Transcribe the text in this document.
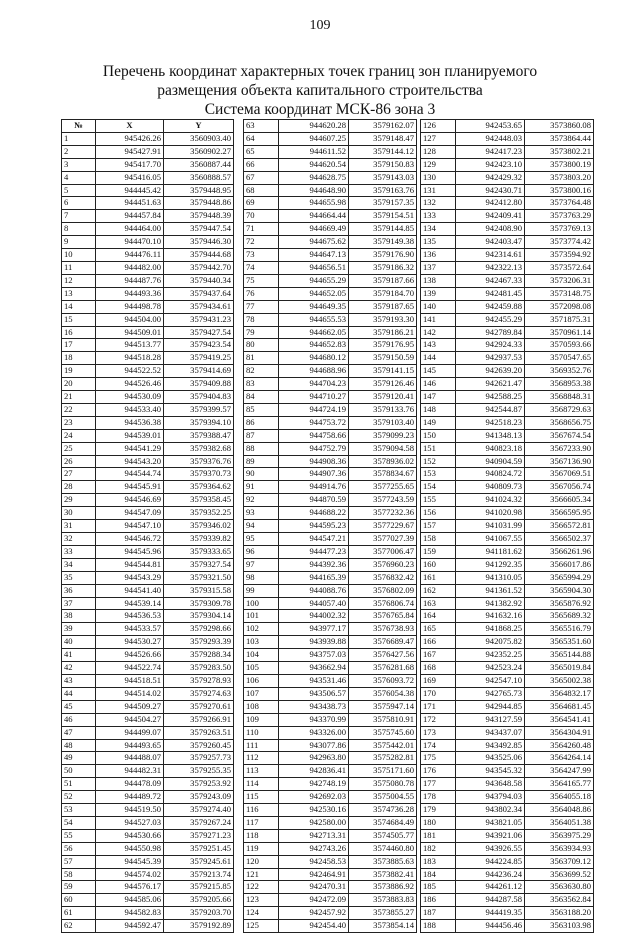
109
Перечень координат характерных точек границ зон планируемого
размещения объекта капитального строительства
Система координат МСК-86 зона 3
№	X	Y
1	945426.26	3560903.40
2	945427.91	3560902.27
3	945417.70	3560887.44
4	945416.05	3560888.57
5	944445.42	3579448.95
6	944451.63	3579448.86
7	944457.84	3579448.39
8	944464.00	3579447.54
9	944470.10	3579446.30
10	944476.11	3579444.68
11	944482.00	3579442.70
12	944487.76	3579440.34
13	944493.36	3579437.64
14	944498.78	3579434.61
15	944504.00	3579431.23
16	944509.01	3579427.54
17	944513.77	3579423.54
18	944518.28	3579419.25
19	944522.52	3579414.69
20	944526.46	3579409.88
21	944530.09	3579404.83
22	944533.40	3579399.57
23	944536.38	3579394.10
24	944539.01	3579388.47
25	944541.29	3579382.68
26	944543.20	3579376.76
27	944544.74	3579370.73
28	944545.91	3579364.62
29	944546.69	3579358.45
30	944547.09	3579352.25
31	944547.10	3579346.02
32	944546.72	3579339.82
33	944545.96	3579333.65
34	944544.81	3579327.54
35	944543.29	3579321.50
36	944541.40	3579315.58
37	944539.14	3579309.78
38	944536.53	3579304.14
39	944533.57	3579298.66
40	944530.27	3579293.39
41	944526.66	3579288.34
42	944522.74	3579283.50
43	944518.51	3579278.93
44	944514.02	3579274.63
45	944509.27	3579270.61
46	944504.27	3579266.91
47	944499.07	3579263.51
48	944493.65	3579260.45
49	944488.07	3579257.73
50	944482.31	3579255.35
51	944478.09	3579253.92
52	944489.72	3579243.09
53	944519.50	3579274.40
54	944527.03	3579267.24
55	944530.66	3579271.23
56	944550.98	3579251.45
57	944545.39	3579245.61
58	944574.02	3579213.74
59	944576.17	3579215.85
60	944585.06	3579205.66
61	944582.83	3579203.70
62	944592.47	3579192.89
63	944620.28	3579162.07
64	944607.25	3579148.47
65	944611.52	3579144.12
66	944620.54	3579150.83
67	944628.75	3579143.03
68	944648.90	3579163.76
69	944655.98	3579157.35
70	944664.44	3579154.51
71	944669.49	3579144.85
72	944675.62	3579149.38
73	944647.13	3579176.90
74	944656.51	3579186.32
75	944655.29	3579187.66
76	944652.05	3579184.70
77	944649.35	3579187.65
78	944655.53	3579193.30
79	944662.05	3579186.21
80	944652.83	3579176.95
81	944680.12	3579150.59
82	944688.96	3579141.15
83	944704.23	3579126.46
84	944710.27	3579120.41
85	944724.19	3579133.76
86	944753.72	3579103.40
87	944758.66	3579099.23
88	944752.79	3579094.58
89	944908.36	3578936.02
90	944907.36	3578834.67
91	944914.76	3577255.65
92	944870.59	3577243.59
93	944688.22	3577232.36
94	944595.23	3577229.67
95	944547.21	3577027.39
96	944477.23	3577006.47
97	944392.36	3576960.23
98	944165.39	3576832.42
99	944088.76	3576802.09
100	944057.40	3576806.74
101	944002.32	3576765.84
102	943977.17	3576738.93
103	943939.88	3576689.47
104	943757.03	3576427.56
105	943662.94	3576281.68
106	943531.46	3576093.72
107	943506.57	3576054.38
108	943438.73	3575947.14
109	943370.99	3575810.91
110	943326.00	3575745.60
111	943077.86	3575442.01
112	942963.80	3575282.81
113	942836.41	3575171.60
114	942748.19	3575080.78
115	942692.03	3575004.55
116	942530.16	3574736.28
117	942580.00	3574684.49
118	942713.31	3574505.77
119	942743.26	3574460.80
120	942458.53	3573885.63
121	942464.91	3573882.41
122	942470.31	3573886.92
123	942472.09	3573883.83
124	942457.92	3573855.27
125	942454.40	3573854.14
126	942453.65	3573860.08
127	942448.03	3573864.44
128	942417.23	3573802.21
129	942423.10	3573800.19
130	942429.32	3573803.20
131	942430.71	3573800.16
132	942412.80	3573764.48
133	942409.41	3573763.29
134	942408.90	3573769.13
135	942403.47	3573774.42
136	942314.61	3573594.92
137	942322.13	3573572.64
138	942467.33	3573206.31
139	942481.45	3573148.75
140	942459.88	3572098.08
141	942455.29	3571875.31
142	942789.84	3570961.14
143	942924.33	3570593.66
144	942937.53	3570547.65
145	942639.20	3569352.76
146	942621.47	3568953.38
147	942588.25	3568848.31
148	942544.87	3568729.63
149	942518.23	3568656.75
150	941348.13	3567674.54
151	940823.18	3567233.90
152	940904.59	3567136.90
153	940824.72	3567069.51
154	940809.73	3567056.74
155	941024.32	3566605.34
156	941020.98	3566595.95
157	941031.99	3566572.81
158	941067.55	3566502.37
159	941181.62	3566261.96
160	941292.35	3566017.86
161	941310.05	3565994.29
162	941361.52	3565904.30
163	941382.92	3565876.92
164	941632.16	3565689.32
165	941868.25	3565516.79
166	942075.82	3565351.60
167	942352.25	3565144.88
168	942523.24	3565019.84
169	942547.10	3565002.38
170	942765.73	3564832.17
171	942944.85	3564681.45
172	943127.59	3564541.41
173	943437.07	3564304.91
174	943492.85	3564260.48
175	943525.06	3564264.14
176	943545.32	3564247.99
177	943648.58	3564165.77
178	943794.03	3564055.18
179	943802.34	3564048.86
180	943821.05	3564051.38
181	943921.06	3563975.29
182	943926.55	3563934.93
183	944224.85	3563709.12
184	944236.24	3563699.52
185	944261.12	3563630.80
186	944287.58	3563562.84
187	944419.35	3563188.20
188	944456.46	3563103.98
